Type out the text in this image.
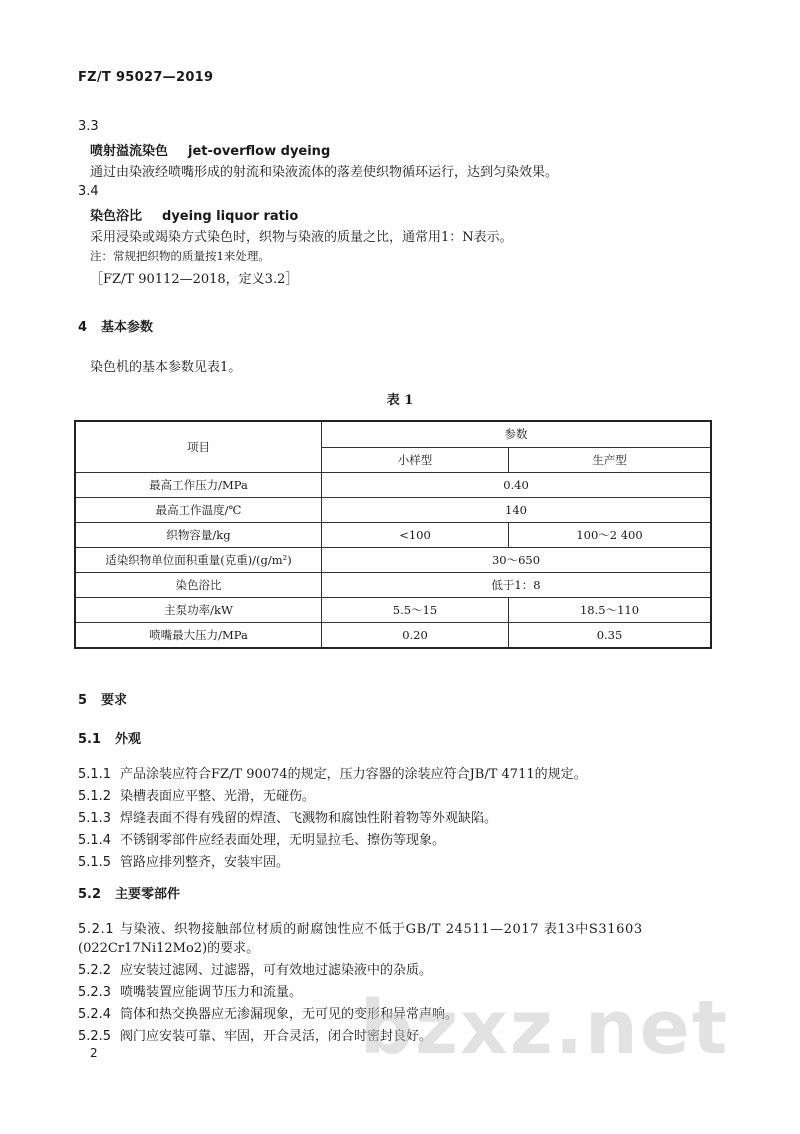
FZ/T 95027—2019
3.3
喷射溢流染色 jet-overflow dyeing
通过由染液经喷嘴形成的射流和染液流体的落差使织物循环运行，达到匀染效果。
3.4
染色浴比 dyeing liquor ratio
采用浸染或竭染方式染色时，织物与染液的质量之比，通常用1：N表示。
注：常规把织物的质量按1来处理。
［FZ/T 90112—2018，定义3.2］
4 基本参数
染色机的基本参数见表1。
表 1
项目	参数	
	小样型	生产型
最高工作压力/MPa	0.40	
最高工作温度/℃	140	
织物容量/kg	<100	100～2 400
适染织物单位面积重量(克重)/(g/m²)	30～650	
染色浴比	低于1：8	
主泵功率/kW	5.5～15	18.5～110
喷嘴最大压力/MPa	0.20	0.35
5 要求
5.1 外观
5.1.1 产品涂装应符合FZ/T 90074的规定，压力容器的涂装应符合JB/T 4711的规定。
5.1.2 染槽表面应平整、光滑，无碰伤。
5.1.3 焊缝表面不得有残留的焊渣、飞溅物和腐蚀性附着物等外观缺陷。
5.1.4 不锈钢零部件应经表面处理，无明显拉毛、擦伤等现象。
5.1.5 管路应排列整齐，安装牢固。
5.2 主要零部件
5.2.1 与染液、织物接触部位材质的耐腐蚀性应不低于GB/T 24511—2017 表13中S31603
(022Cr17Ni12Mo2)的要求。
5.2.2 应安装过滤网、过滤器，可有效地过滤染液中的杂质。
5.2.3 喷嘴装置应能调节压力和流量。
5.2.4 筒体和热交换器应无渗漏现象，无可见的变形和异常声响。
5.2.5 阀门应安装可靠、牢固，开合灵活，闭合时密封良好。
2	bzxz.net
